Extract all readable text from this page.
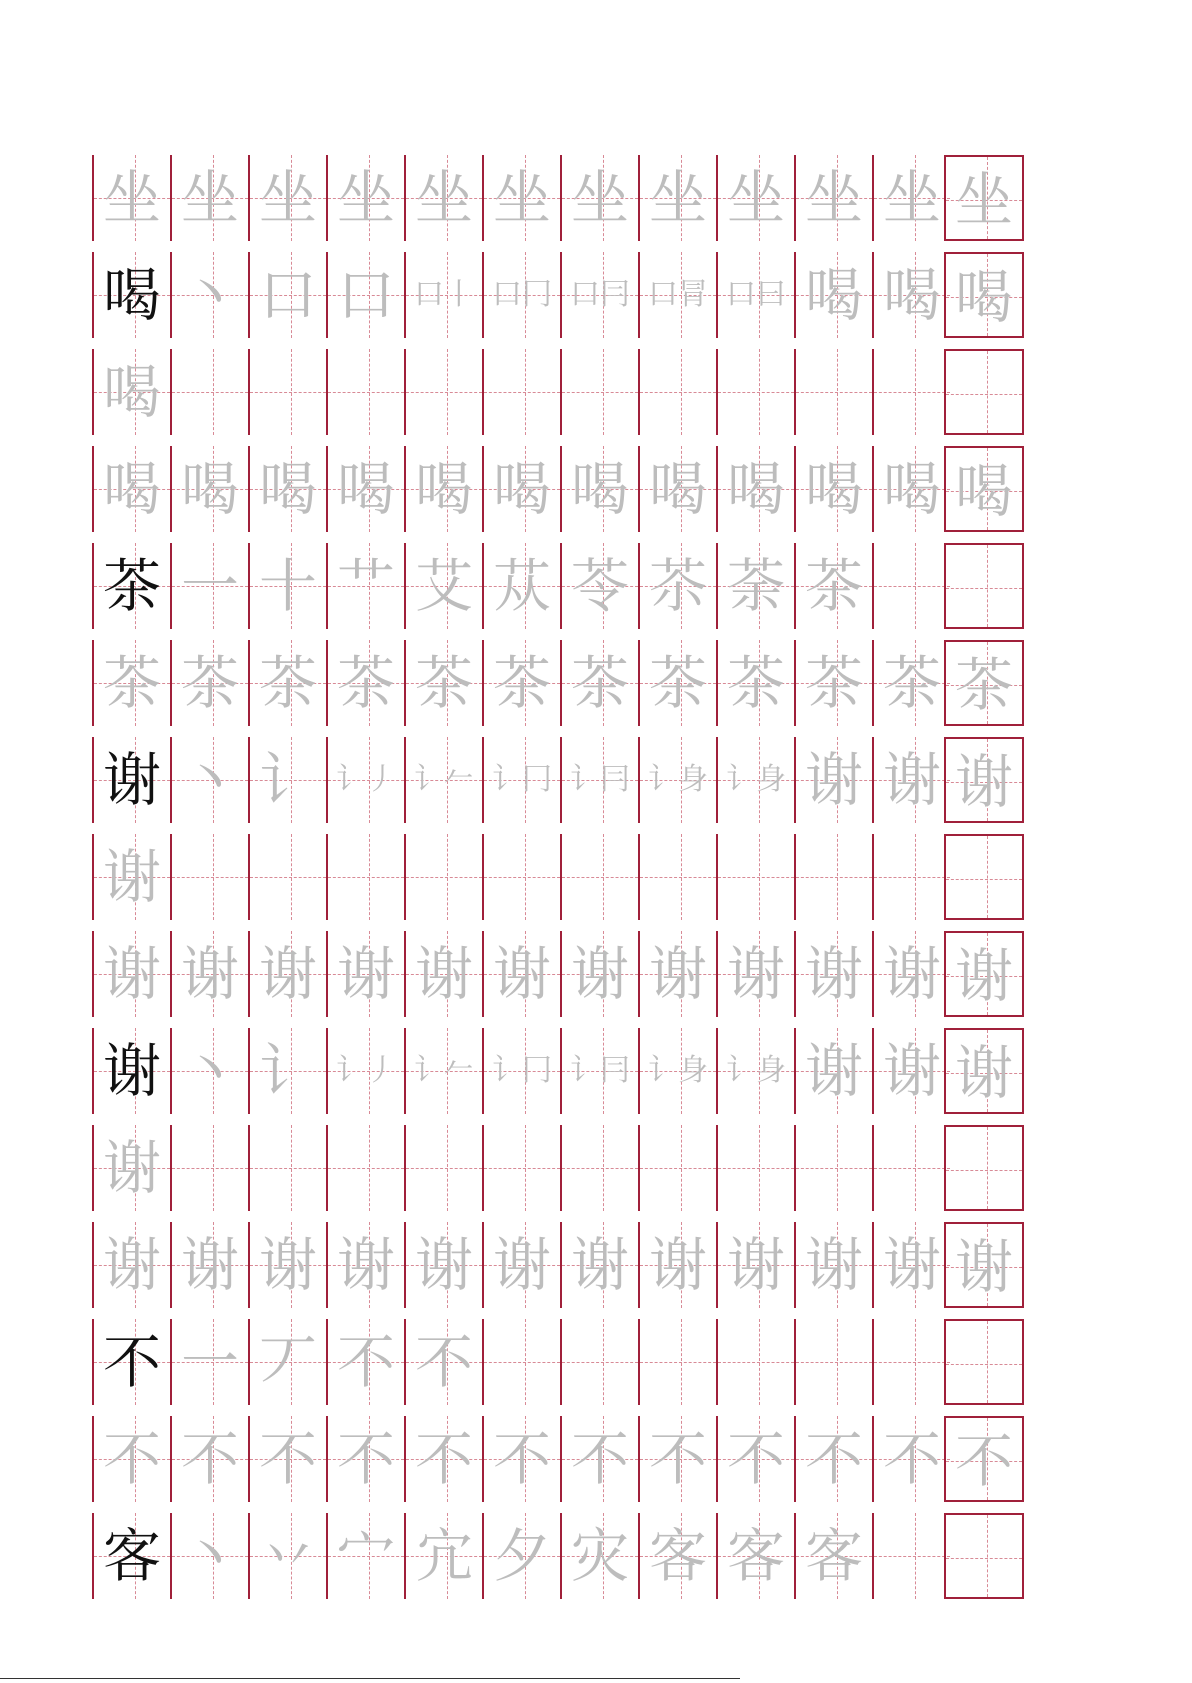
坐 坐 坐 坐 坐 坐 坐 坐 坐 坐 坐 坐
喝 丶 口 口 口丨 口冂 口冃 口冐 口曰 喝 喝 喝
喝
喝 喝 喝 喝 喝 喝 喝 喝 喝 喝 喝 喝
茶 一 十 艹 艾 苁 苓 苶 荼 茶
茶 茶 茶 茶 茶 茶 茶 茶 茶 茶 茶 茶
谢 丶 讠 讠丿 讠𠂉 讠冂 讠冃 讠身 讠身 谢 谢 谢
谢
谢 谢 谢 谢 谢 谢 谢 谢 谢 谢 谢 谢
谢 丶 讠 讠丿 讠𠂉 讠冂 讠冃 讠身 讠身 谢 谢 谢
谢
谢 谢 谢 谢 谢 谢 谢 谢 谢 谢 谢 谢
不 一 丆 不 不
不 不 不 不 不 不 不 不 不 不 不 不
客 丶 丷 宀 宂 夕 灾 客 客 客
